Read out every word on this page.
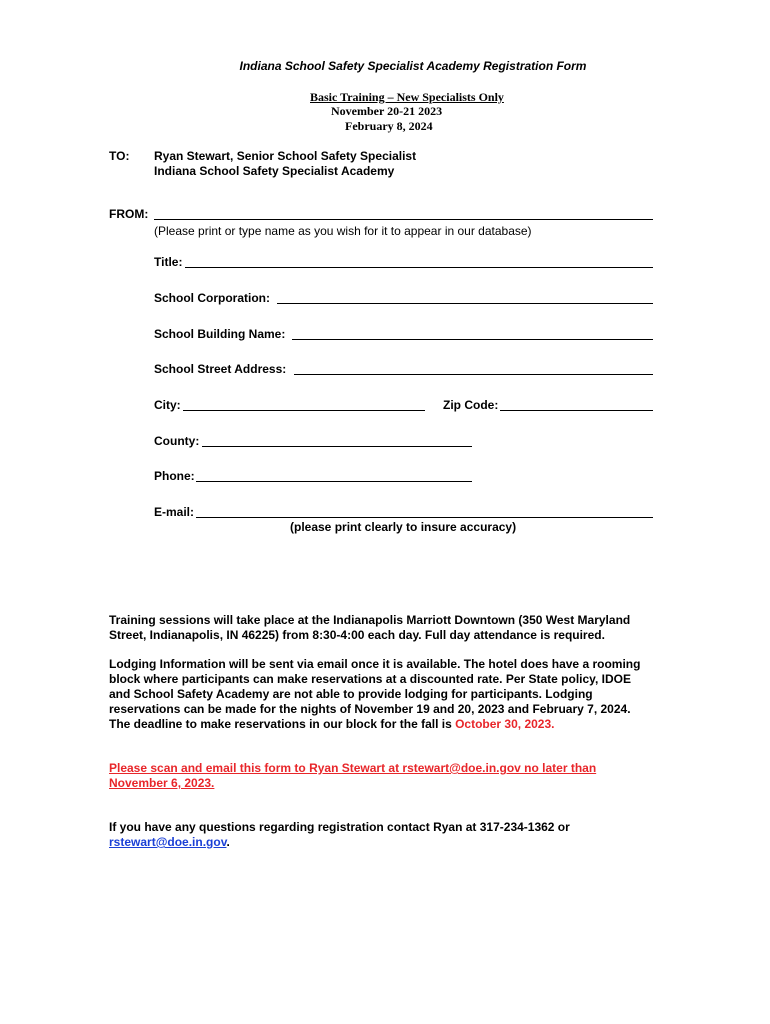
Indiana School Safety Specialist Academy Registration Form
Basic Training – New Specialists Only
November 20-21 2023
February 8, 2024
TO: Ryan Stewart, Senior School Safety Specialist
Indiana School Safety Specialist Academy
FROM:
(Please print or type name as you wish for it to appear in our database)
Title:
School Corporation:
School Building Name:
School Street Address:
City:	Zip Code:
County:
Phone:
E-mail:
(please print clearly to insure accuracy)
Training sessions will take place at the Indianapolis Marriott Downtown (350 West Maryland
Street, Indianapolis, IN 46225) from 8:30-4:00 each day. Full day attendance is required.
Lodging Information will be sent via email once it is available. The hotel does have a rooming
block where participants can make reservations at a discounted rate. Per State policy, IDOE
and School Safety Academy are not able to provide lodging for participants. Lodging
reservations can be made for the nights of November 19 and 20, 2023 and February 7, 2024.
The deadline to make reservations in our block for the fall is October 30, 2023.
Please scan and email this form to Ryan Stewart at rstewart@doe.in.gov no later than
November 6, 2023.
If you have any questions regarding registration contact Ryan at 317-234-1362 or
rstewart@doe.in.gov.
